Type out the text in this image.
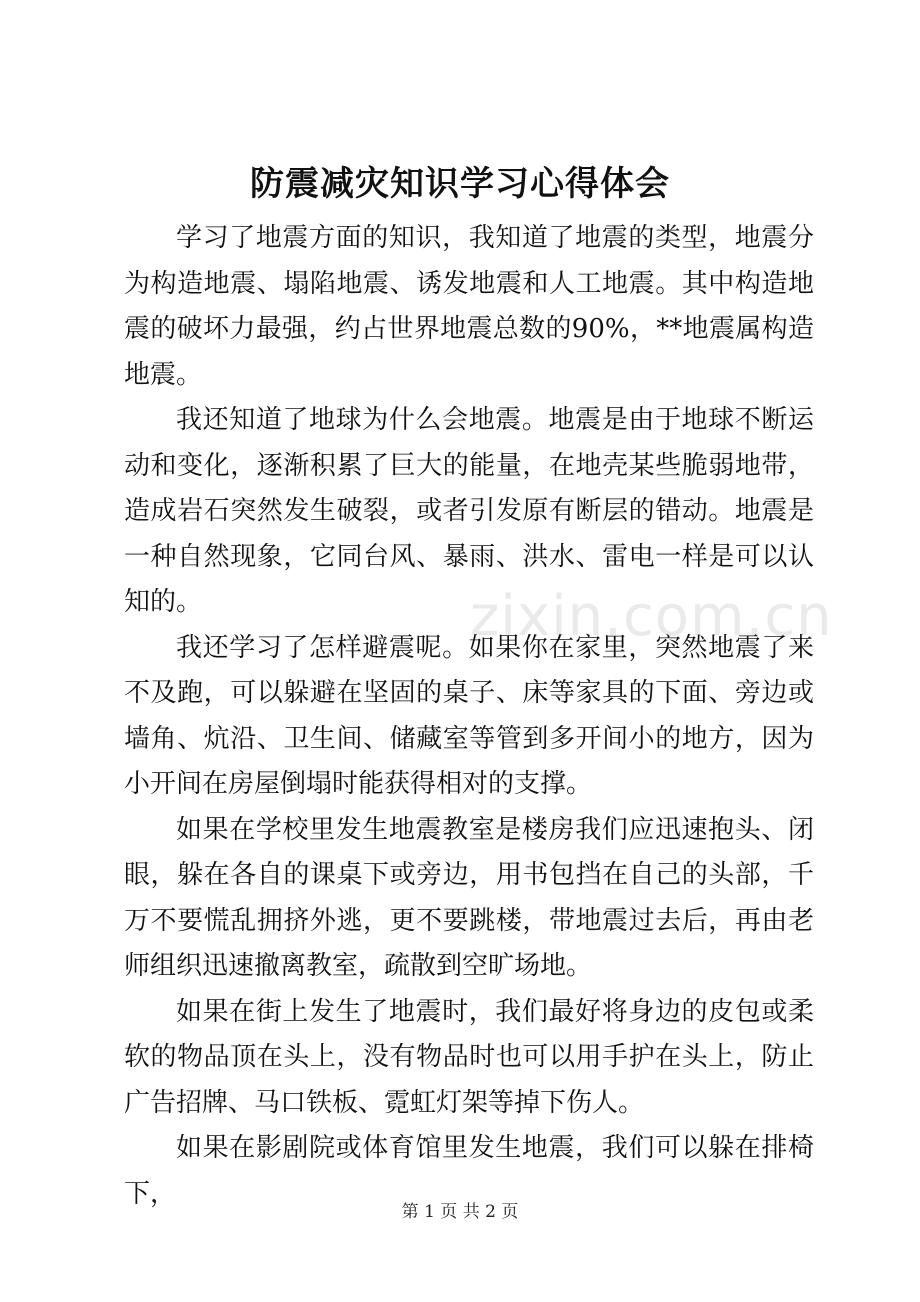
防震减灾知识学习心得体会

学习了地震方面的知识，我知道了地震的类型，地震分为构造地震、塌陷地震、诱发地震和人工地震。其中构造地震的破坏力最强，约占世界地震总数的90%，**地震属构造地震。

我还知道了地球为什么会地震。地震是由于地球不断运动和变化，逐渐积累了巨大的能量，在地壳某些脆弱地带，造成岩石突然发生破裂，或者引发原有断层的错动。地震是一种自然现象，它同台风、暴雨、洪水、雷电一样是可以认知的。

我还学习了怎样避震呢。如果你在家里，突然地震了来不及跑，可以躲避在坚固的桌子、床等家具的下面、旁边或墙角、炕沿、卫生间、储藏室等管到多开间小的地方，因为小开间在房屋倒塌时能获得相对的支撑。

如果在学校里发生地震教室是楼房我们应迅速抱头、闭眼，躲在各自的课桌下或旁边，用书包挡在自己的头部，千万不要慌乱拥挤外逃，更不要跳楼，带地震过去后，再由老师组织迅速撤离教室，疏散到空旷场地。

如果在街上发生了地震时，我们最好将身边的皮包或柔软的物品顶在头上，没有物品时也可以用手护在头上，防止广告招牌、马口铁板、霓虹灯架等掉下伤人。

如果在影剧院或体育馆里发生地震，我们可以躲在排椅下，

zixin.com.cn
第 1 页 共 2 页
